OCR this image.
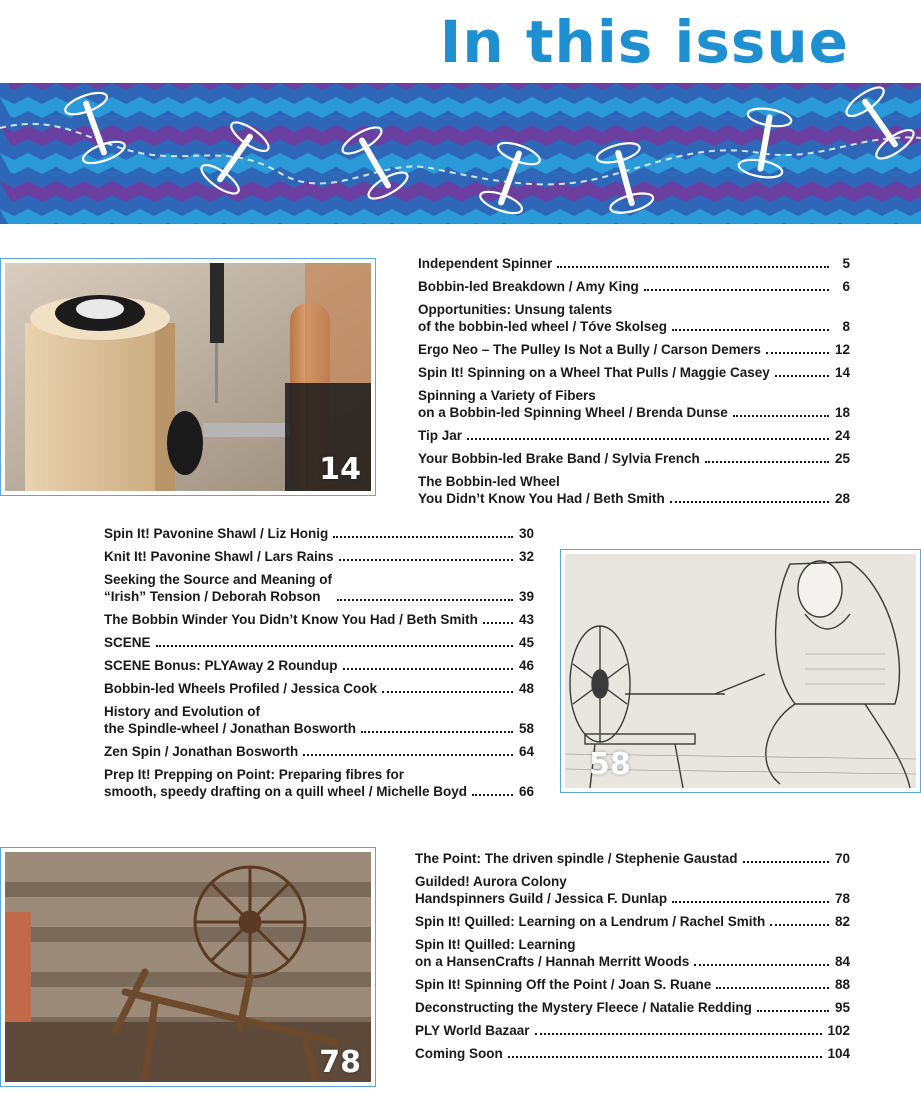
In this issue
14
58
78
Independent Spinner	5
Bobbin-led Breakdown / Amy King	6
Opportunities: Unsung talents
of the bobbin-led wheel / Tóve Skolseg	8
Ergo Neo – The Pulley Is Not a Bully / Carson Demers	12
Spin It! Spinning on a Wheel That Pulls / Maggie Casey	14
Spinning a Variety of Fibers
on a Bobbin-led Spinning Wheel / Brenda Dunse	18
Tip Jar	24
Your Bobbin-led Brake Band / Sylvia French	25
The Bobbin-led Wheel
You Didn’t Know You Had / Beth Smith	28
Spin It! Pavonine Shawl / Liz Honig	30
Knit It! Pavonine Shawl / Lars Rains	32
Seeking the Source and Meaning of
“Irish” Tension / Deborah Robson	39
The Bobbin Winder You Didn’t Know You Had / Beth Smith	43
SCENE	45
SCENE Bonus: PLYAway 2 Roundup	46
Bobbin-led Wheels Profiled / Jessica Cook	48
History and Evolution of
the Spindle-wheel / Jonathan Bosworth	58
Zen Spin / Jonathan Bosworth	64
Prep It! Prepping on Point: Preparing fibres for
smooth, speedy drafting on a quill wheel / Michelle Boyd	66
The Point: The driven spindle / Stephenie Gaustad	70
Guilded! Aurora Colony
Handspinners Guild / Jessica F. Dunlap	78
Spin It! Quilled: Learning on a Lendrum / Rachel Smith	82
Spin It! Quilled: Learning
on a HansenCrafts / Hannah Merritt Woods	84
Spin It! Spinning Off the Point / Joan S. Ruane	88
Deconstructing the Mystery Fleece / Natalie Redding	95
PLY World Bazaar	102
Coming Soon	104
